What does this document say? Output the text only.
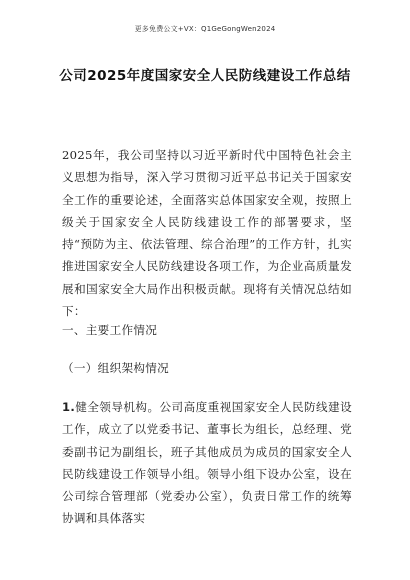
更多免费公文+VX：Q1GeGongWen2024
公司2025年度国家安全人民防线建设工作总结

2025年，我公司坚持以习近平新时代中国特色社会主义思想为指导，深入学习贯彻习近平总书记关于国家安全工作的重要论述，全面落实总体国家安全观，按照上级关于国家安全人民防线建设工作的部署要求，坚持“预防为主、依法管理、综合治理”的工作方针，扎实推进国家安全人民防线建设各项工作，为企业高质量发展和国家安全大局作出积极贡献。现将有关情况总结如下：

一、主要工作情况
（一）组织架构情况

1.健全领导机构。公司高度重视国家安全人民防线建设工作，成立了以党委书记、董事长为组长，总经理、党委副书记为副组长，班子其他成员为成员的国家安全人民防线建设工作领导小组。领导小组下设办公室，设在公司综合管理部（党委办公室），负责日常工作的统筹协调和具体落实
